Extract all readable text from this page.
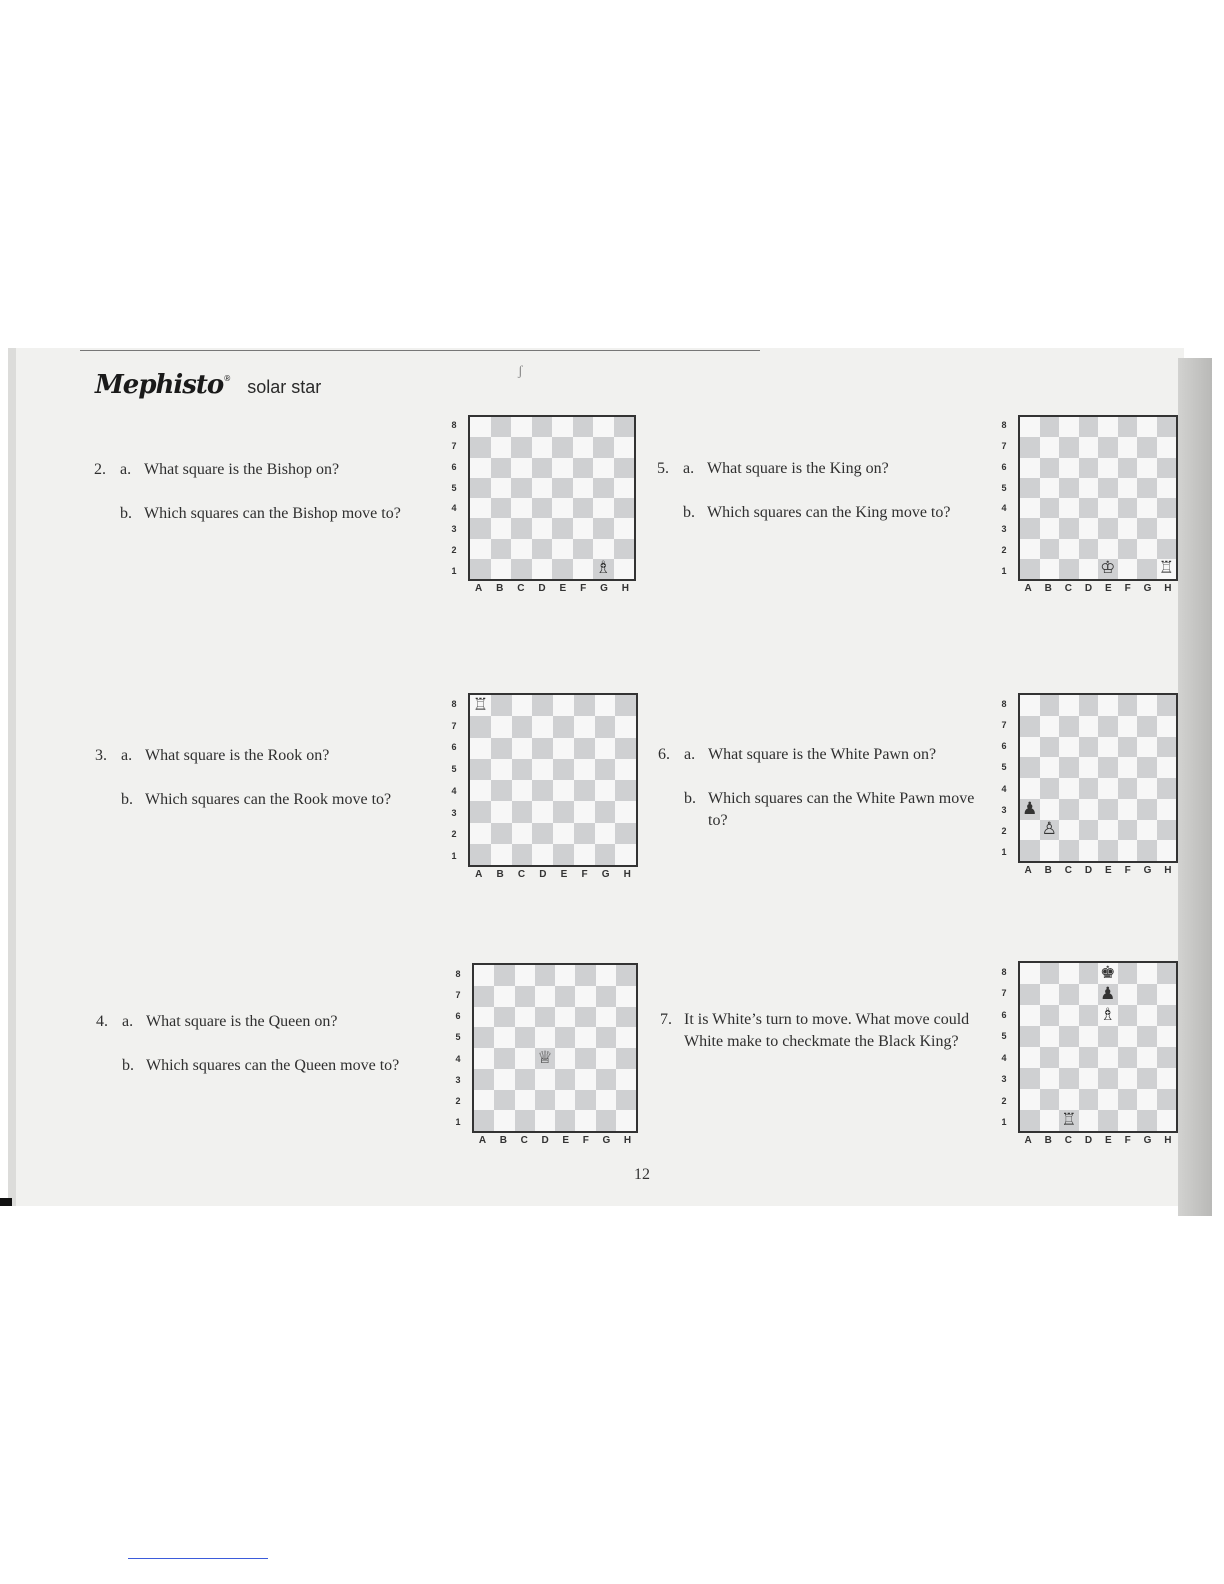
Mephisto ® solar star
2. a. What square is the Bishop on?
b. Which squares can the Bishop move to?
3. a. What square is the Rook on?
b. Which squares can the Rook move to?
4. a. What square is the Queen on?
b. Which squares can the Queen move to?
5. a. What square is the King on?
b. Which squares can the King move to?
6. a. What square is the White Pawn on?
b. Which squares can the White Pawn move to?
7. It is White’s turn to move. What move could White make to checkmate the Black King?
8
7
6
5
4
3
2
1	♗
A B C D E F G H
8
7
6
5
4
3
2
1
♖
A B C D E F G H
8
7
6
5
4
3
2
1
♕
A B C D E F G H
8
7
6
5
4
3
2
1	♔	♖
A B C D E F G H
8
7
6
5
4
3
2
1
♟
♙
A B C D E F G H
8
7
6
5
4
3
2
1
♚
♟
♗
♖
A B C D E F G H
12
ʃ
